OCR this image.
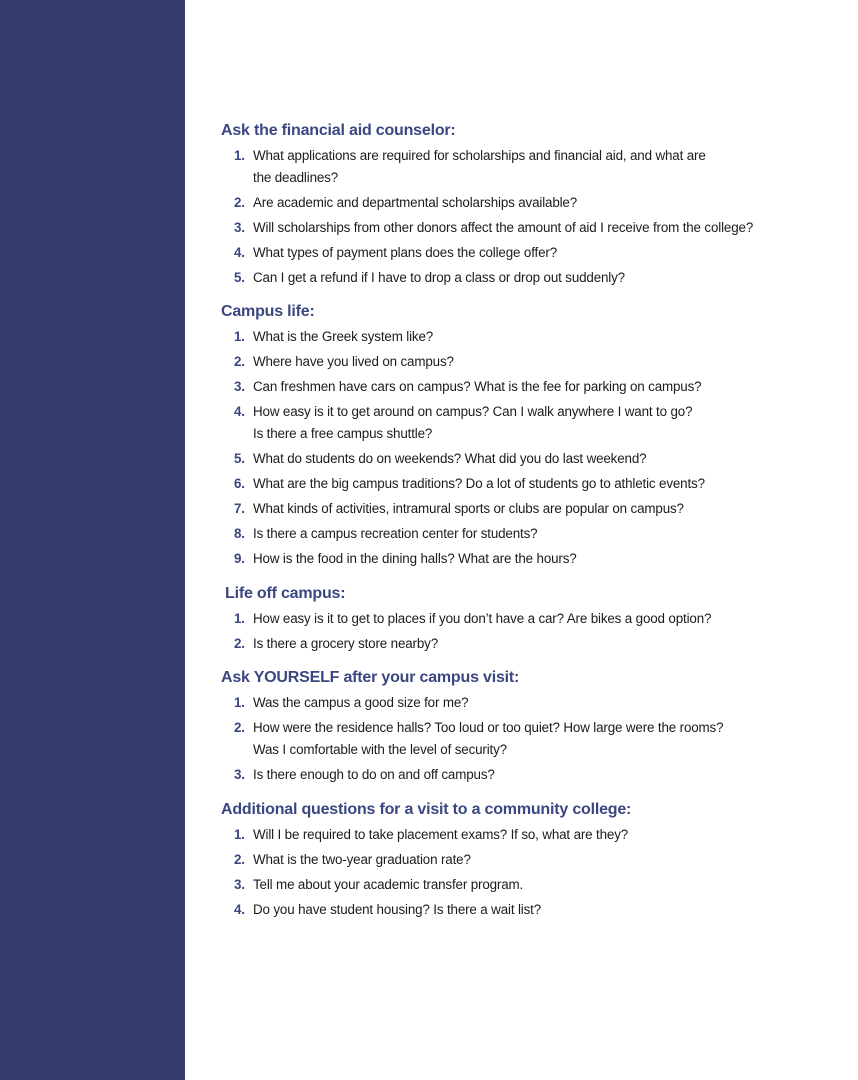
Ask the financial aid counselor:
1. What applications are required for scholarships and financial aid, and what are
the deadlines?
2. Are academic and departmental scholarships available?
3. Will scholarships from other donors affect the amount of aid I receive from the college?
4. What types of payment plans does the college offer?
5. Can I get a refund if I have to drop a class or drop out suddenly?
Campus life:
1. What is the Greek system like?
2. Where have you lived on campus?
3. Can freshmen have cars on campus? What is the fee for parking on campus?
4. How easy is it to get around on campus? Can I walk anywhere I want to go?
Is there a free campus shuttle?
5. What do students do on weekends? What did you do last weekend?
6. What are the big campus traditions? Do a lot of students go to athletic events?
7. What kinds of activities, intramural sports or clubs are popular on campus?
8. Is there a campus recreation center for students?
9. How is the food in the dining halls? What are the hours?
Life off campus:
1. How easy is it to get to places if you don’t have a car? Are bikes a good option?
2. Is there a grocery store nearby?
Ask YOURSELF after your campus visit:
1. Was the campus a good size for me?
2. How were the residence halls? Too loud or too quiet? How large were the rooms?
Was I comfortable with the level of security?
3. Is there enough to do on and off campus?
Additional questions for a visit to a community college:
1. Will I be required to take placement exams? If so, what are they?
2. What is the two-year graduation rate?
3. Tell me about your academic transfer program.
4. Do you have student housing? Is there a wait list?
